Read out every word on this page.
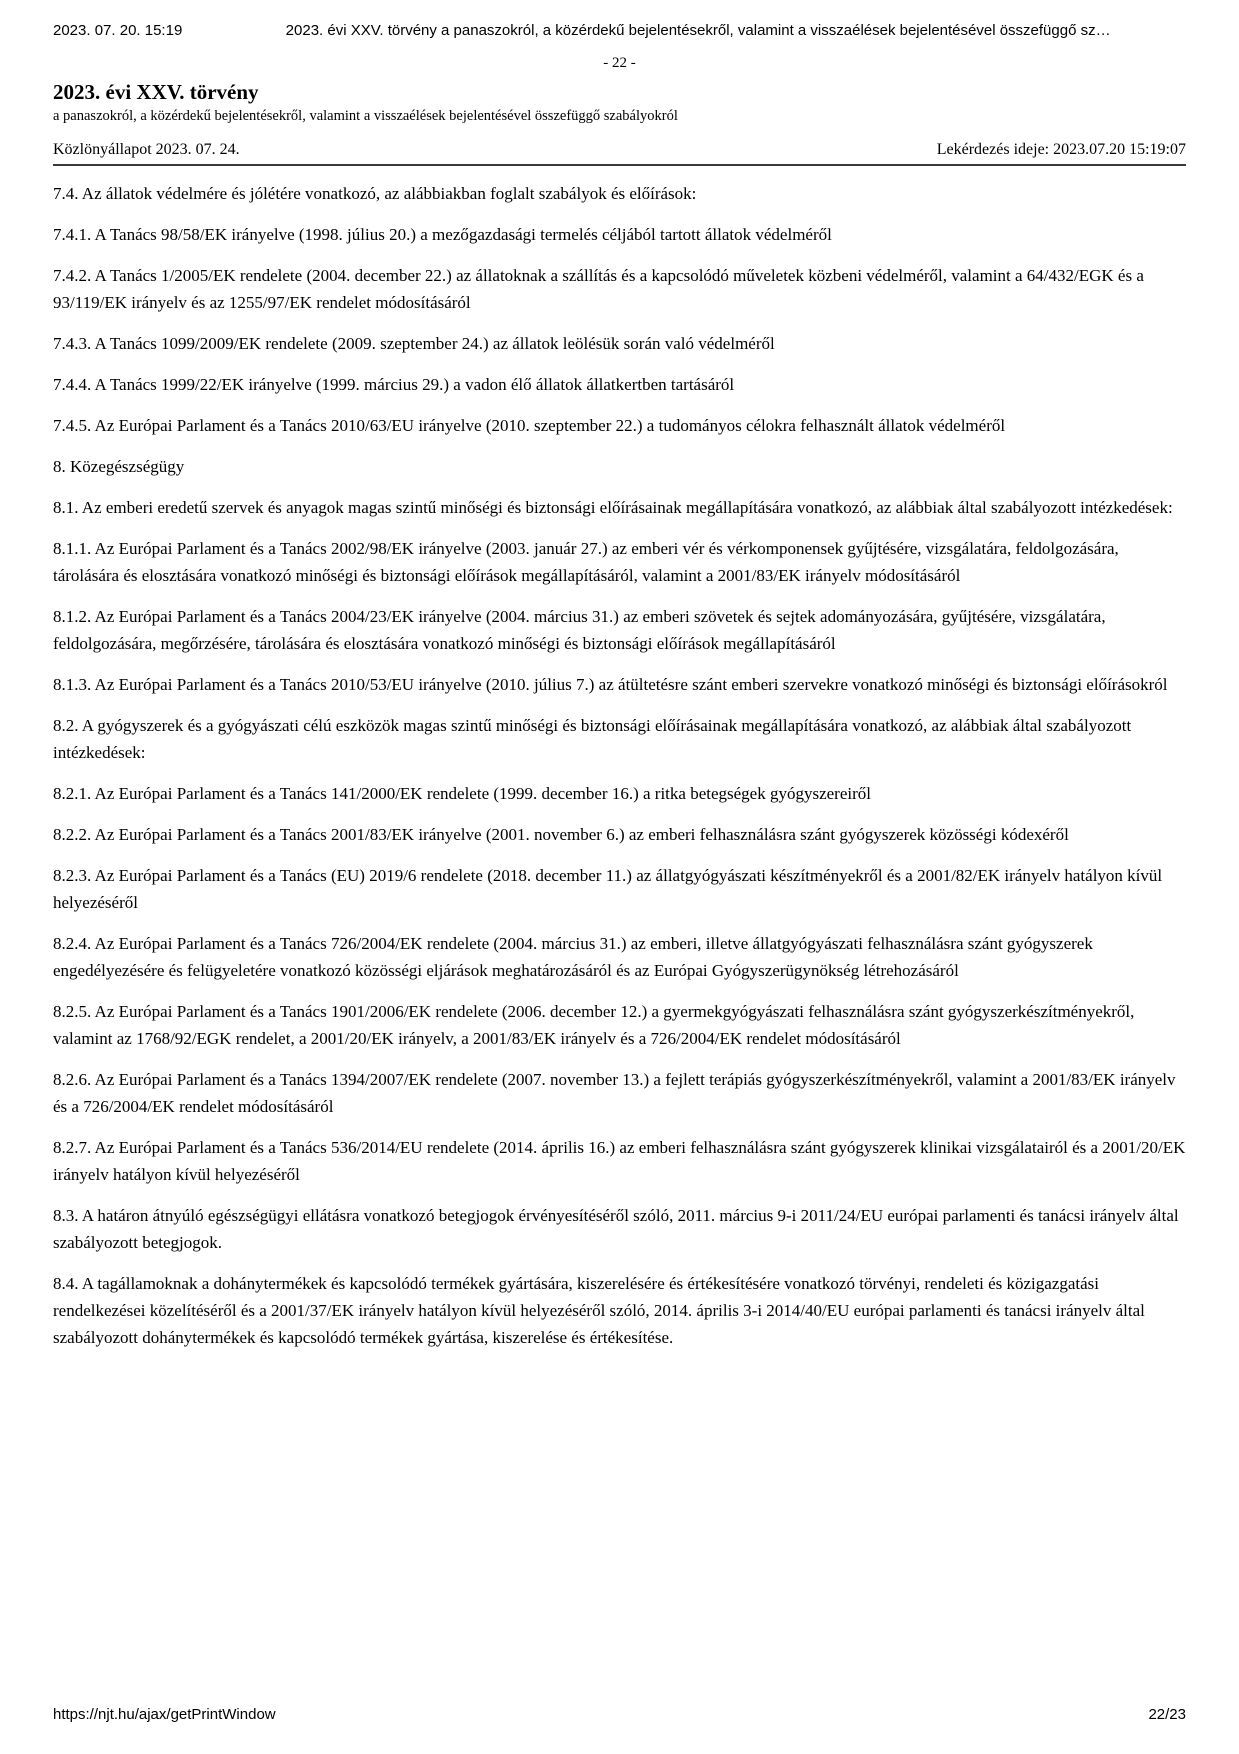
2023. 07. 20. 15:19	2023. évi XXV. törvény a panaszokról, a közérdekű bejelentésekről, valamint a visszaélések bejelentésével összefüggő sz…
- 22 -
2023. évi XXV. törvény
a panaszokról, a közérdekű bejelentésekről, valamint a visszaélések bejelentésével összefüggő szabályokról
Közlönyállapot 2023. 07. 24.	Lekérdezés ideje: 2023.07.20 15:19:07

7.4. Az állatok védelmére és jólétére vonatkozó, az alábbiakban foglalt szabályok és előírások:

7.4.1. A Tanács 98/58/EK irányelve (1998. július 20.) a mezőgazdasági termelés céljából tartott állatok védelméről

7.4.2. A Tanács 1/2005/EK rendelete (2004. december 22.) az állatoknak a szállítás és a kapcsolódó műveletek közbeni védelméről, valamint a 64/432/EGK és a 93/119/EK irányelv és az 1255/97/EK rendelet módosításáról

7.4.3. A Tanács 1099/2009/EK rendelete (2009. szeptember 24.) az állatok leölésük során való védelméről

7.4.4. A Tanács 1999/22/EK irányelve (1999. március 29.) a vadon élő állatok állatkertben tartásáról

7.4.5. Az Európai Parlament és a Tanács 2010/63/EU irányelve (2010. szeptember 22.) a tudományos célokra felhasznált állatok védelméről

8. Közegészségügy

8.1. Az emberi eredetű szervek és anyagok magas szintű minőségi és biztonsági előírásainak megállapítására vonatkozó, az alábbiak által szabályozott intézkedések:

8.1.1. Az Európai Parlament és a Tanács 2002/98/EK irányelve (2003. január 27.) az emberi vér és vérkomponensek gyűjtésére, vizsgálatára, feldolgozására, tárolására és elosztására vonatkozó minőségi és biztonsági előírások megállapításáról, valamint a 2001/83/EK irányelv módosításáról

8.1.2. Az Európai Parlament és a Tanács 2004/23/EK irányelve (2004. március 31.) az emberi szövetek és sejtek adományozására, gyűjtésére, vizsgálatára, feldolgozására, megőrzésére, tárolására és elosztására vonatkozó minőségi és biztonsági előírások megállapításáról

8.1.3. Az Európai Parlament és a Tanács 2010/53/EU irányelve (2010. július 7.) az átültetésre szánt emberi szervekre vonatkozó minőségi és biztonsági előírásokról

8.2. A gyógyszerek és a gyógyászati célú eszközök magas szintű minőségi és biztonsági előírásainak megállapítására vonatkozó, az alábbiak által szabályozott intézkedések:

8.2.1. Az Európai Parlament és a Tanács 141/2000/EK rendelete (1999. december 16.) a ritka betegségek gyógyszereiről

8.2.2. Az Európai Parlament és a Tanács 2001/83/EK irányelve (2001. november 6.) az emberi felhasználásra szánt gyógyszerek közösségi kódexéről

8.2.3. Az Európai Parlament és a Tanács (EU) 2019/6 rendelete (2018. december 11.) az állatgyógyászati készítményekről és a 2001/82/EK irányelv hatályon kívül helyezéséről

8.2.4. Az Európai Parlament és a Tanács 726/2004/EK rendelete (2004. március 31.) az emberi, illetve állatgyógyászati felhasználásra szánt gyógyszerek engedélyezésére és felügyeletére vonatkozó közösségi eljárások meghatározásáról és az Európai Gyógyszerügynökség létrehozásáról

8.2.5. Az Európai Parlament és a Tanács 1901/2006/EK rendelete (2006. december 12.) a gyermekgyógyászati felhasználásra szánt gyógyszerkészítményekről, valamint az 1768/92/EGK rendelet, a 2001/20/EK irányelv, a 2001/83/EK irányelv és a 726/2004/EK rendelet módosításáról

8.2.6. Az Európai Parlament és a Tanács 1394/2007/EK rendelete (2007. november 13.) a fejlett terápiás gyógyszerkészítményekről, valamint a 2001/83/EK irányelv és a 726/2004/EK rendelet módosításáról

8.2.7. Az Európai Parlament és a Tanács 536/2014/EU rendelete (2014. április 16.) az emberi felhasználásra szánt gyógyszerek klinikai vizsgálatairól és a 2001/20/EK irányelv hatályon kívül helyezéséről

8.3. A határon átnyúló egészségügyi ellátásra vonatkozó betegjogok érvényesítéséről szóló, 2011. március 9-i 2011/24/EU európai parlamenti és tanácsi irányelv által szabályozott betegjogok.

8.4. A tagállamoknak a dohánytermékek és kapcsolódó termékek gyártására, kiszerelésére és értékesítésére vonatkozó törvényi, rendeleti és közigazgatási rendelkezései közelítéséről és a 2001/37/EK irányelv hatályon kívül helyezéséről szóló, 2014. április 3-i 2014/40/EU európai parlamenti és tanácsi irányelv által szabályozott dohánytermékek és kapcsolódó termékek gyártása, kiszerelése és értékesítése.

https://njt.hu/ajax/getPrintWindow	22/23
